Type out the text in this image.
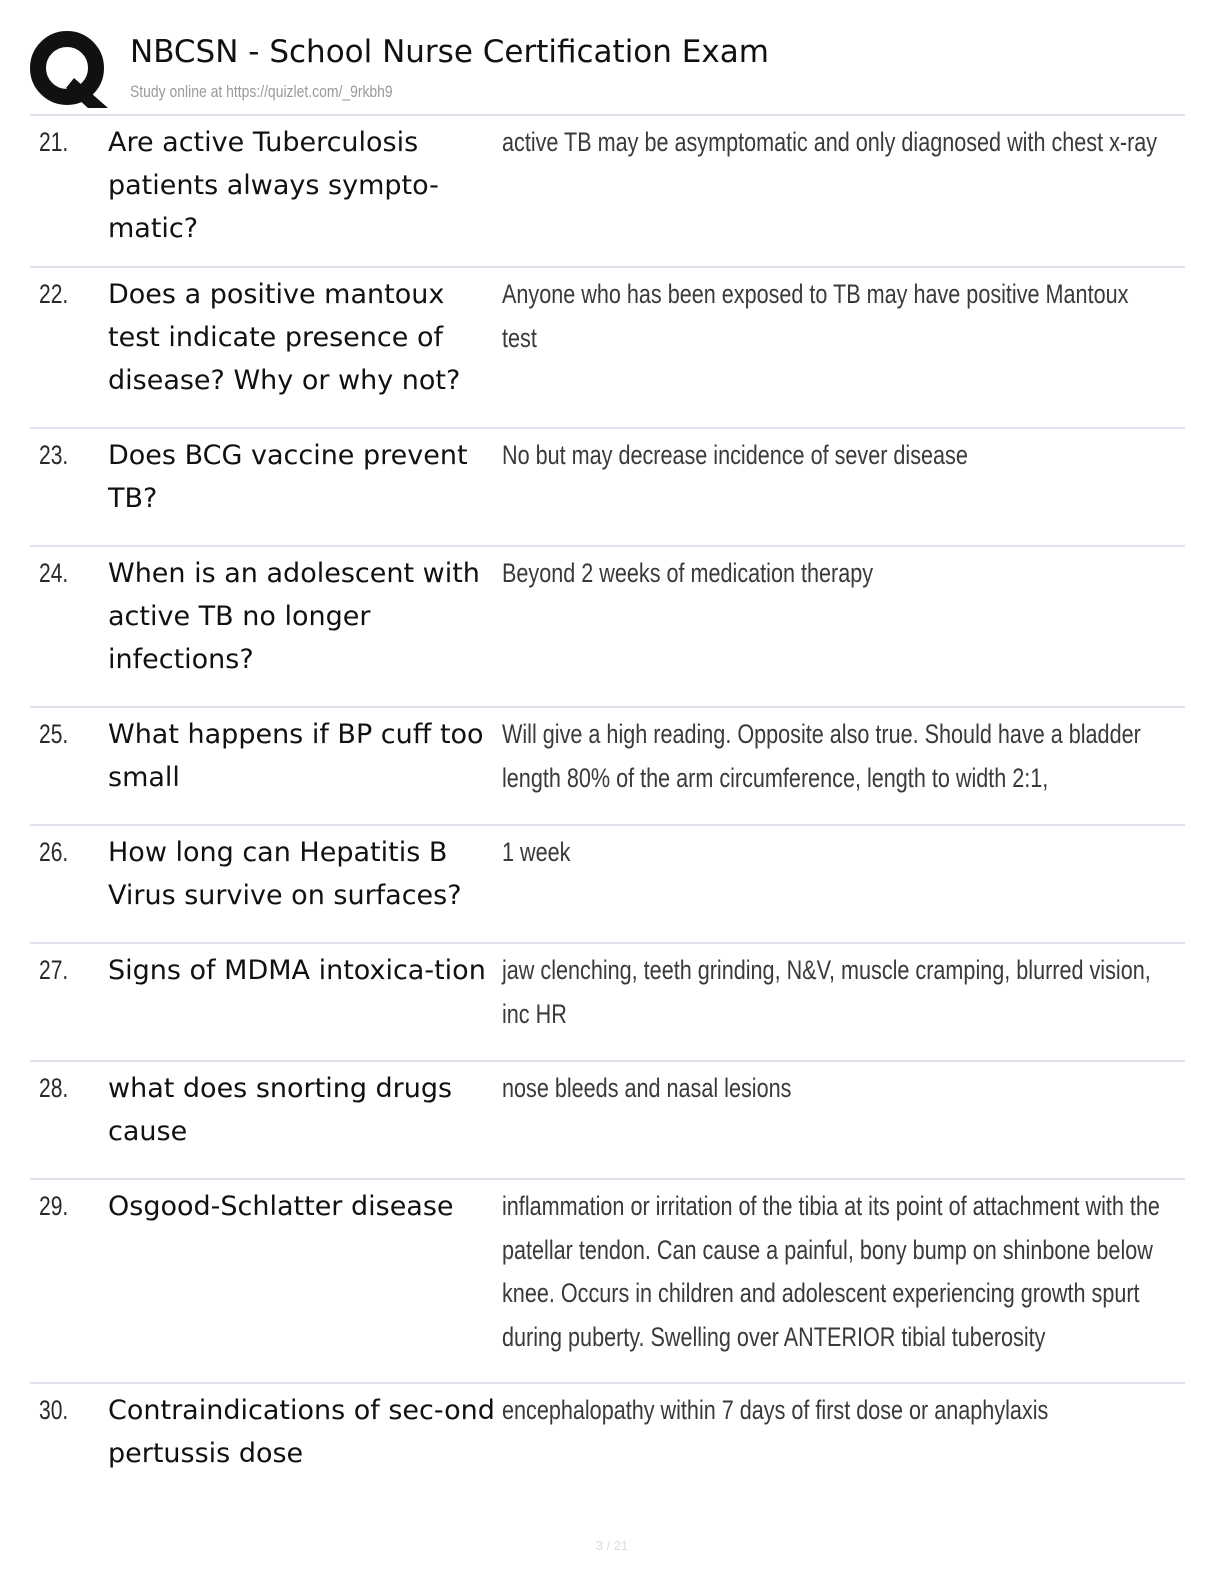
NBCSN - School Nurse Certification Exam
Study online at https://quizlet.com/_9rkbh9
21. Are active Tuberculosis patients always sympto-matic?
active TB may be asymptomatic and only diagnosed with chest x-ray
22. Does a positive mantoux test indicate presence of disease? Why or why not?
Anyone who has been exposed to TB may have positive Mantoux test
23. Does BCG vaccine prevent TB?
No but may decrease incidence of sever disease
24. When is an adolescent with active TB no longer infections?
Beyond 2 weeks of medication therapy
25. What happens if BP cuff too small
Will give a high reading. Opposite also true. Should have a bladder length 80% of the arm circumference, length to width 2:1,
26. How long can Hepatitis B Virus survive on surfaces?
1 week
27. Signs of MDMA intoxica-tion jaw clenching, teeth grinding, N&V, muscle cramping, blurred vision, inc HR
28. what does snorting drugs cause
nose bleeds and nasal lesions
29. Osgood-Schlatter disease	inflammation or irritation of the tibia at its point of attachment with the patellar tendon. Can cause a painful, bony bump on shinbone below knee. Occurs in children and adolescent experiencing growth spurt during puberty. Swelling over ANTERIOR tibial tuberosity
30. Contraindications of sec-ond pertussis dose
encephalopathy within 7 days of first dose or anaphylaxis
3 / 21
